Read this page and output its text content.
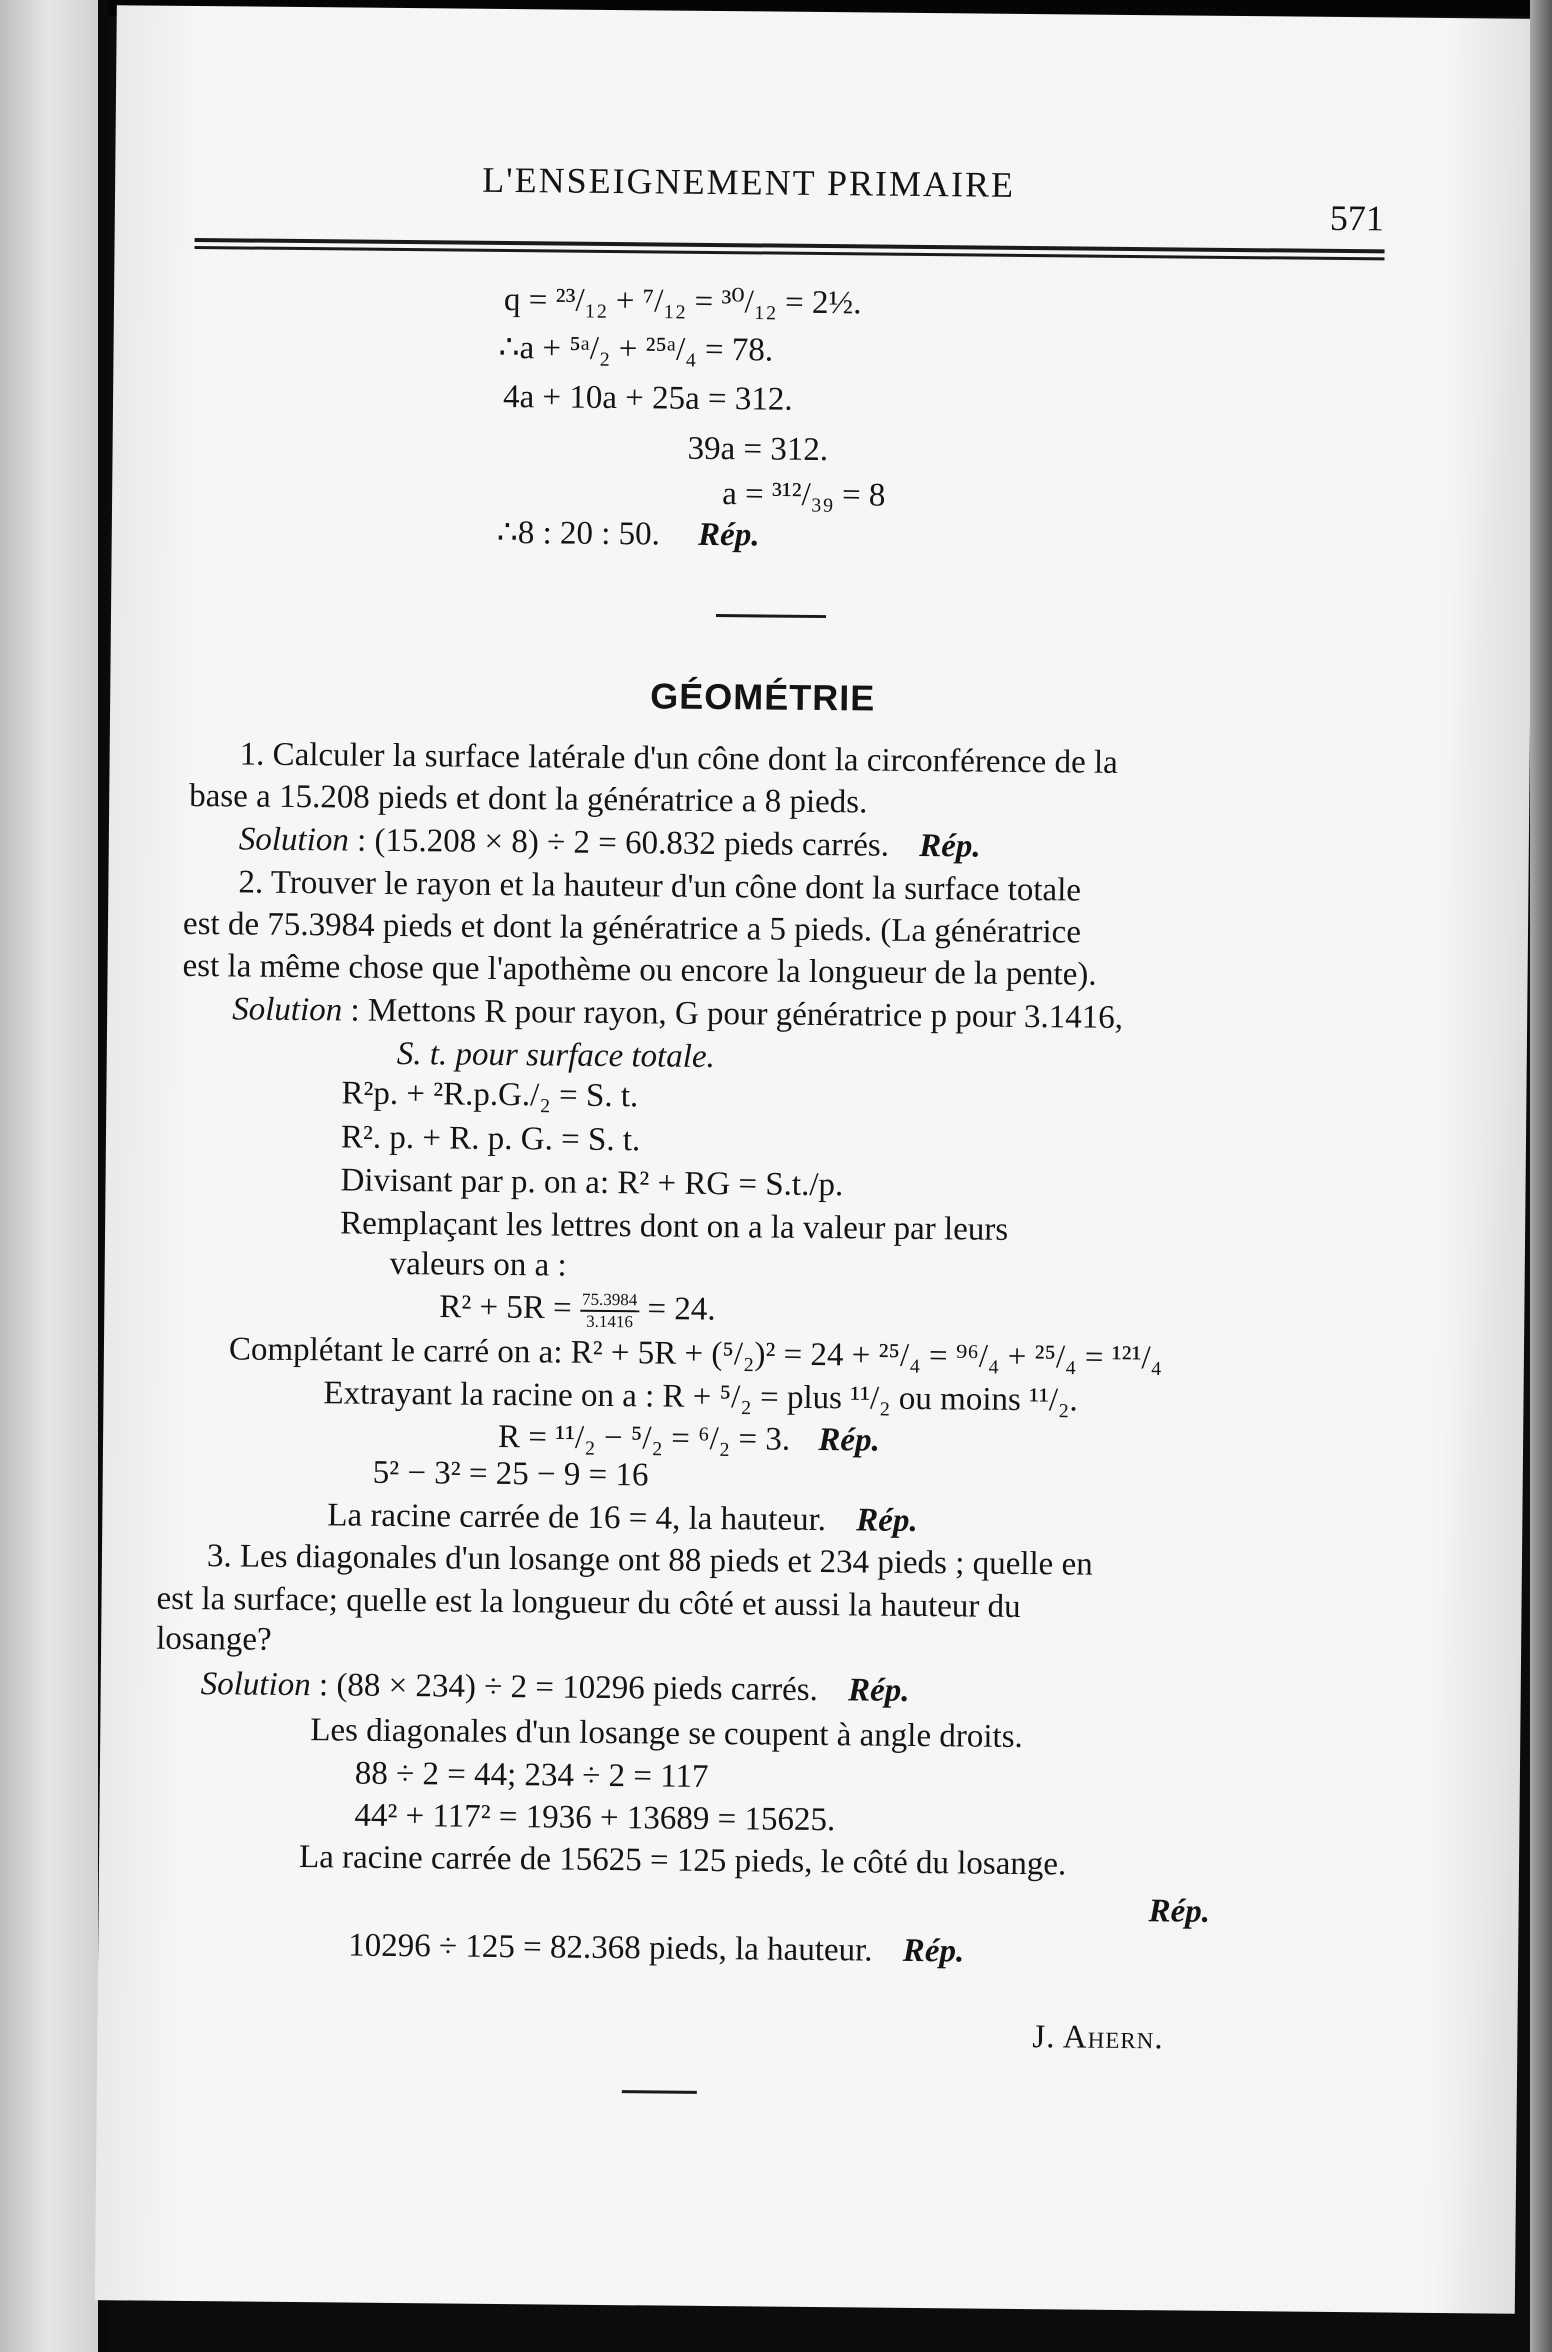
L'ENSEIGNEMENT PRIMAIRE
571
q = ²³/₁₂ + ⁷/₁₂ = ³⁰/₁₂ = 2½.
∴a + ⁵ᵃ/₂ + ²⁵ᵃ/₄ = 78.
4a + 10a + 25a = 312.
39a = 312.
a = ³¹²/₃₉ = 8
∴8 : 20 : 50. Rép.
GÉOMÉTRIE
1. Calculer la surface latérale d'un cône dont la circonférence de la
base a 15.208 pieds et dont la génératrice a 8 pieds.
Solution : (15.208 × 8) ÷ 2 = 60.832 pieds carrés. Rép.
2. Trouver le rayon et la hauteur d'un cône dont la surface totale
est de 75.3984 pieds et dont la génératrice a 5 pieds. (La génératrice
est la même chose que l'apothème ou encore la longueur de la pente).
Solution : Mettons R pour rayon, G pour génératrice p pour 3.1416,
S. t. pour surface totale.
R²p. + ²R.p.G./₂ = S. t.
R². p. + R. p. G. = S. t.
Divisant par p. on a: R² + RG = S.t./p.
Remplaçant les lettres dont on a la valeur par leurs
valeurs on a :
$R^2 + 5R = \frac{75.3984}{3.1416} = 24$.
Complétant le carré on a: R² + 5R + (⁵/₂)² = 24 + ²⁵/₄ = ⁹⁶/₄ + ²⁵/₄ = ¹²¹/₄
Extrayant la racine on a : R + ⁵/₂ = plus ¹¹/₂ ou moins ¹¹/₂.
R = ¹¹/₂ − ⁵/₂ = ⁶/₂ = 3. Rép.
5² − 3² = 25 − 9 = 16
La racine carrée de 16 = 4, la hauteur. Rép.
3. Les diagonales d'un losange ont 88 pieds et 234 pieds ; quelle en
est la surface; quelle est la longueur du côté et aussi la hauteur du
losange?
Solution : (88 × 234) ÷ 2 = 10296 pieds carrés. Rép.
Les diagonales d'un losange se coupent à angle droits.
88 ÷ 2 = 44; 234 ÷ 2 = 117
44² + 117² = 1936 + 13689 = 15625.
La racine carrée de 15625 = 125 pieds, le côté du losange.
Rép.
10296 ÷ 125 = 82.368 pieds, la hauteur. Rép.
J. Ahern.
